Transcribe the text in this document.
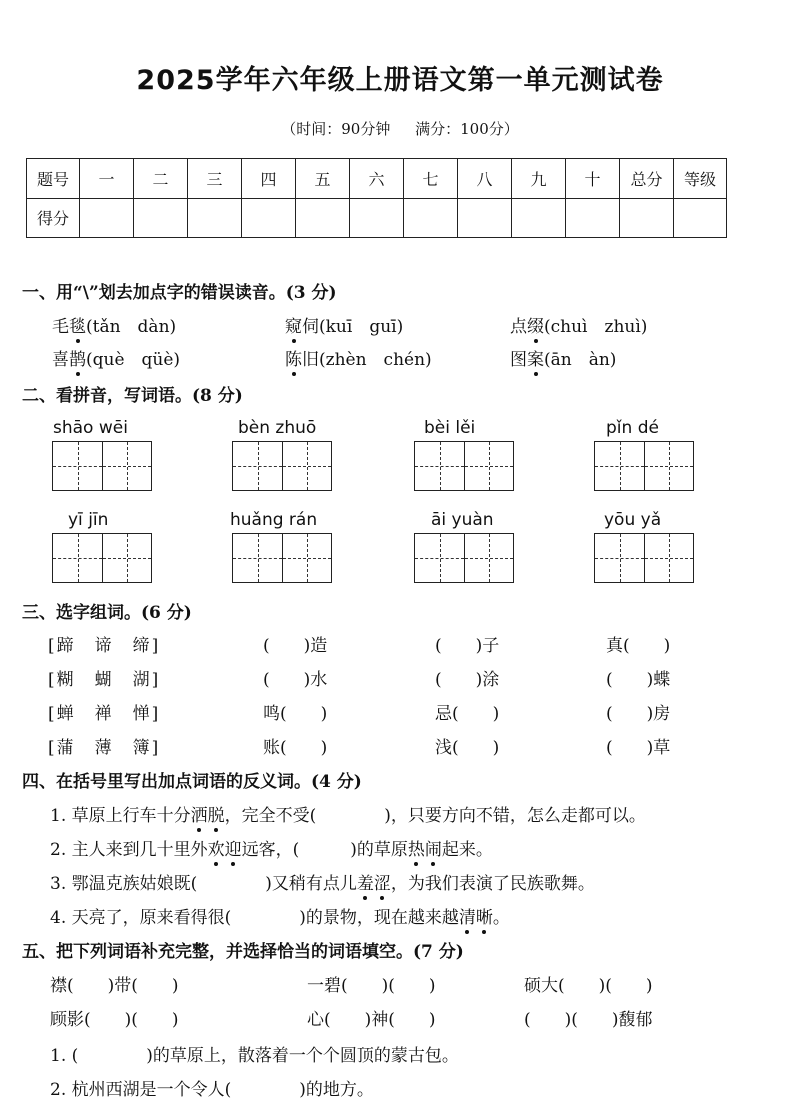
2025学年六年级上册语文第一单元测试卷
（时间：90分钟 满分：100分）
题号	一	二	三	四	五	六	七	八	九	十	总分	等级
得分												
一、用“\”划去加点字的错误读音。(3 分)
毛毯(tǎn　dàn)	窥伺(kuī　guī)	点缀(chuì　zhuì)
喜鹊(què　qüè)	陈旧(zhèn　chén)	图案(ān　àn)
二、看拼音，写词语。(8 分)
shāo wēi	bèn zhuō	bèi lěi	pǐn dé
yī jīn	huǎng rán	āi yuàn	yōu yǎ
三、选字组词。(6 分)
[蹄　谛　缔]	(　　)造	(　　)子	真(　　)
[糊　蝴　湖]	(　　)水	(　　)涂	(　　)蝶
[蝉　禅　惮]	鸣(　　)	忌(　　)	(　　)房
[蒲　薄　簿]	账(　　)	浅(　　)	(　　)草
四、在括号里写出加点词语的反义词。(4 分)
1. 草原上行车十分洒脱，完全不受(　　　　)，只要方向不错，怎么走都可以。
2. 主人来到几十里外欢迎远客，(　　　)的草原热闹起来。
3. 鄂温克族姑娘既(　　　　)又稍有点儿羞涩，为我们表演了民族歌舞。
4. 天亮了，原来看得很(　　　　)的景物，现在越来越清晰。
五、把下列词语补充完整，并选择恰当的词语填空。(7 分)
襟(　　)带(　　)	一碧(　　)(　　)	硕大(　　)(　　)
顾影(　　)(　　)	心(　　)神(　　)	(　　)(　　)馥郁
1. (　　　　)的草原上，散落着一个个圆顶的蒙古包。
2. 杭州西湖是一个令人(　　　　)的地方。
